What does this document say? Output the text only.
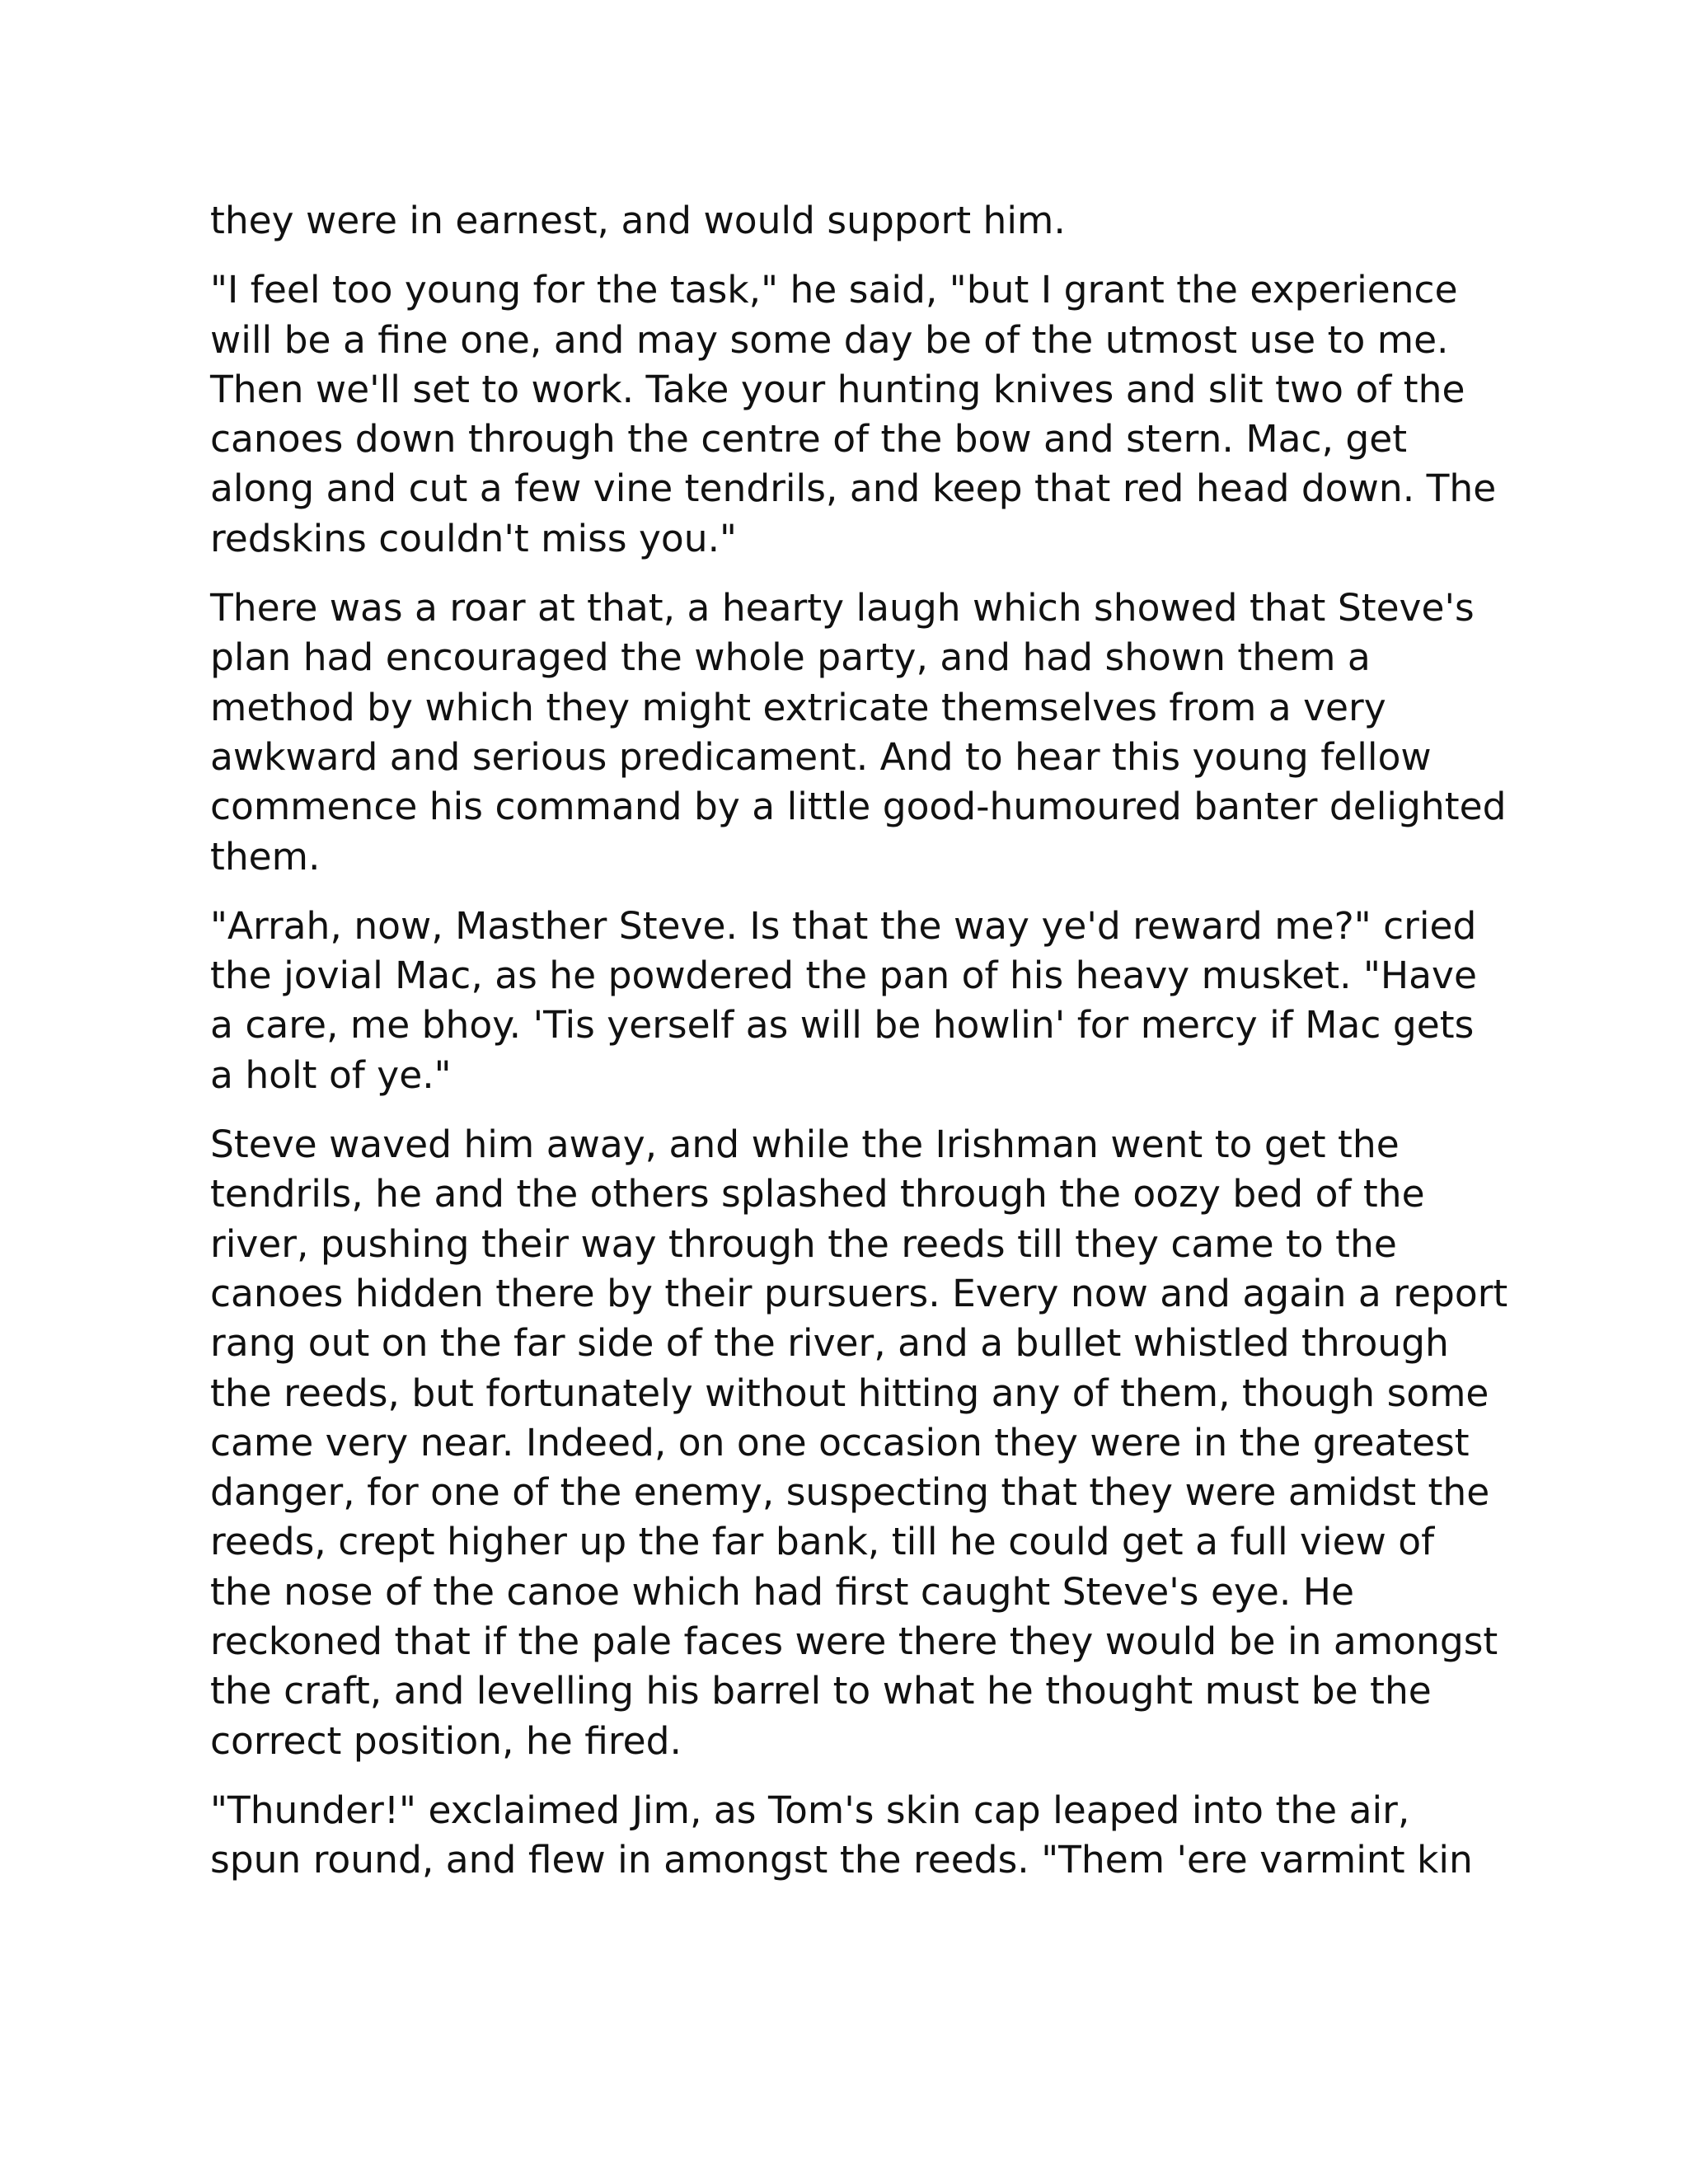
they were in earnest, and would support him.

"I feel too young for the task," he said, "but I grant the experience
will be a fine one, and may some day be of the utmost use to me.
Then we'll set to work. Take your hunting knives and slit two of the
canoes down through the centre of the bow and stern. Mac, get
along and cut a few vine tendrils, and keep that red head down. The
redskins couldn't miss you."

There was a roar at that, a hearty laugh which showed that Steve's
plan had encouraged the whole party, and had shown them a
method by which they might extricate themselves from a very
awkward and serious predicament. And to hear this young fellow
commence his command by a little good-humoured banter delighted
them.

"Arrah, now, Masther Steve. Is that the way ye'd reward me?" cried
the jovial Mac, as he powdered the pan of his heavy musket. "Have
a care, me bhoy. 'Tis yerself as will be howlin' for mercy if Mac gets
a holt of ye."

Steve waved him away, and while the Irishman went to get the
tendrils, he and the others splashed through the oozy bed of the
river, pushing their way through the reeds till they came to the
canoes hidden there by their pursuers. Every now and again a report
rang out on the far side of the river, and a bullet whistled through
the reeds, but fortunately without hitting any of them, though some
came very near. Indeed, on one occasion they were in the greatest
danger, for one of the enemy, suspecting that they were amidst the
reeds, crept higher up the far bank, till he could get a full view of
the nose of the canoe which had first caught Steve's eye. He
reckoned that if the pale faces were there they would be in amongst
the craft, and levelling his barrel to what he thought must be the
correct position, he fired.

"Thunder!" exclaimed Jim, as Tom's skin cap leaped into the air,
spun round, and flew in amongst the reeds. "Them 'ere varmint kin
